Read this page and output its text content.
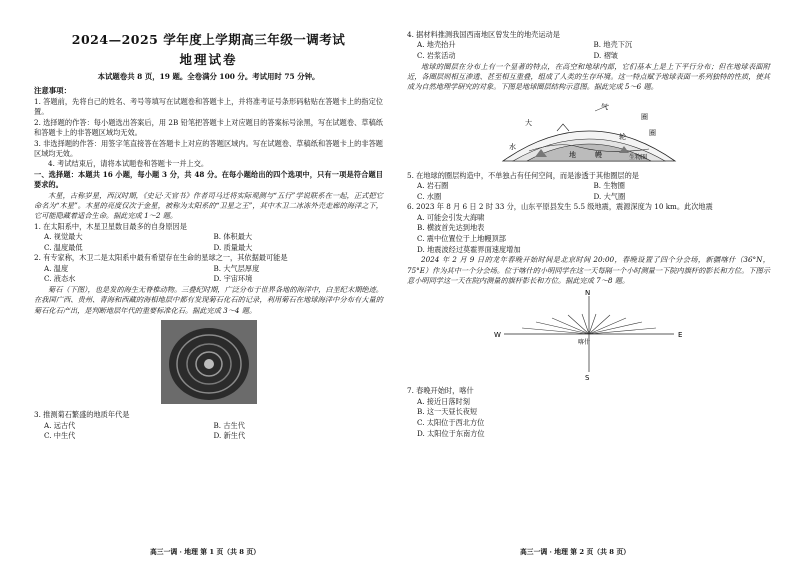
2024—2025 学年度上学期高三年级一调考试
地理试卷
本试题卷共 8 页，19 题。全卷满分 100 分。考试用时 75 分钟。
注意事项：

1. 答题前，先将自己的姓名、考号等填写在试题卷和答题卡上，并将准考证号条形码粘贴在答题卡上的指定位置。

2. 选择题的作答：每小题选出答案后，用 2B 铅笔把答题卡上对应题目的答案标号涂黑，写在试题卷、草稿纸和答题卡上的非答题区域均无效。

3. 非选择题的作答：用签字笔直接答在答题卡上对应的答题区域内。写在试题卷、草稿纸和答题卡上的非答题区域均无效。

4. 考试结束后，请将本试题卷和答题卡一并上交。

一、选择题：本题共 16 小题，每小题 3 分，共 48 分。在每小题给出的四个选项中，只有一项是符合题目要求的。

木星，古称岁星，西汉时期，《史记·天官书》作者司马迁将实际观测与“五行”学说联系在一起，正式把它命名为“木星”。木星的亮度仅次于金星，被称为太阳系的“卫星之王”，其中木卫二冰冻外壳走廊的海洋之下，它可能隐藏着适合生命。据此完成 1～2 题。

1. 在太阳系中，木星卫星数目最多的自身原因是

A. 视觉最大	B. 体积最大
C. 温度最低	D. 质量最大

2. 有专家称，木卫二是太阳系中最有希望存在生命的星球之一，其依据最可能是

A. 温度	B. 大气层厚度
C. 液态水	D. 宇宙环境

菊石（下图），也是发的海生无脊椎动物。三叠纪时期，广泛分布于世界各地的海洋中，白垩纪末期绝迹。在我国广西、贵州、青海和西藏的海相地层中都有发现菊石化石的记录，利用菊石在地球海洋中分布有大量的菊石化石产出，是判断地层年代的重要标准化石。据此完成 3～4 题。

3. 推测菊石繁盛的地质年代是

A. 远古代	B. 古生代
C. 中生代	D. 新生代
高三一调 · 地理 第 1 页（共 8 页）

4. 据材料推测我国西南地区曾发生的地壳运动是

A. 地壳抬升	B. 地壳下沉
C. 岩浆活动	D. 褶皱

地球的圈层在分布上有一个显著的特点，在高空和地球内部，它们基本上是上下平行分布；但在地球表面附近，各圈层则相互渗透、甚至相互重叠，组成了人类的生存环境。这一特点赋予地球表面一系列独特的性质，使其成为自然地理学研究的对象。下图是地球圈层结构示意图。据此完成 5～6 题。

气
圈
大
水
地	幔
轮	圈
生物圈

5. 在地球的圈层构造中，不单独占有任何空间，而是渗透于其他圈层的是

A. 岩石圈	B. 生物圈
C. 水圈	D. 大气圈

6. 2023 年 8 月 6 日 2 时 33 分，山东平原县发生 5.5 级地震，震源深度为 10 km。此次地震

A. 可能会引发大海啸
B. 横波首先达到地表
C. 震中位置位于上地幔顶部
D. 地震波经过莫霍界面速度增加

2024 年 2 月 9 日的龙年春晚开始时间是北京时间 20:00，春晚设置了四个分会场，新疆喀什（36°N，75°E）作为其中一个分会场。位于喀什的小明同学在这一天每隔一个小时测量一下院内旗杆的影长和方位。下图示意小明同学这一天在院内测量的旗杆影长和方位。据此完成 7～8 题。

N
S
W	E
喀什

7. 春晚开始时，喀什

A. 接近日落时刻
B. 这一天昼长夜短
C. 太阳位于西北方位
D. 太阳位于东南方位
高三一调 · 地理 第 2 页（共 8 页）
